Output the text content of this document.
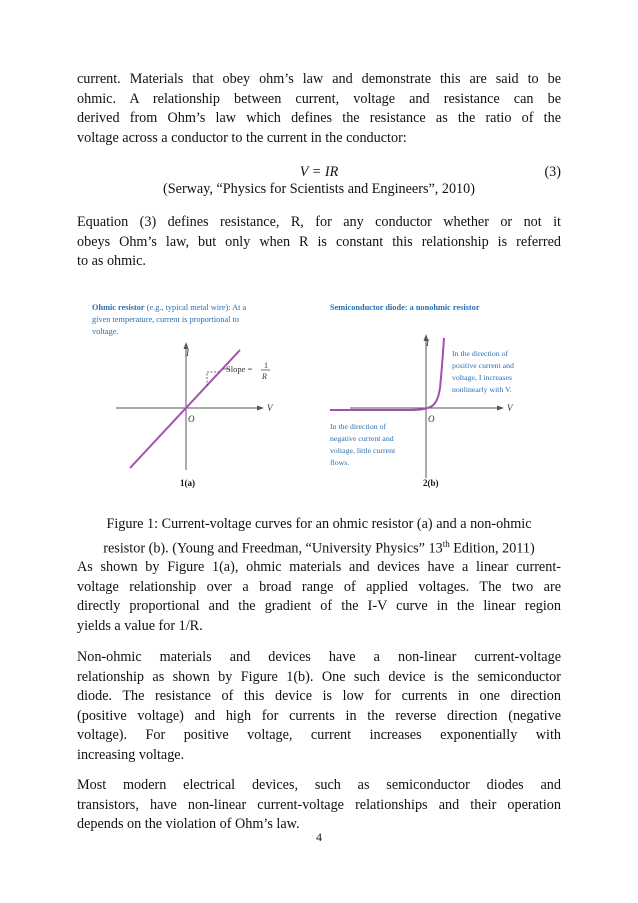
current. Materials that obey ohm’s law and demonstrate this are said to be
ohmic. A relationship between current, voltage and resistance can be
derived from Ohm’s law which defines the resistance as the ratio of the
voltage across a conductor to the current in the conductor:
V = IR	(3)
(Serway, “Physics for Scientists and Engineers”, 2010)
Equation (3) defines resistance, R, for any conductor whether or not it
obeys Ohm’s law, but only when R is constant this relationship is referred
to as ohmic.
Ohmic resistor (e.g., typical metal wire): At a
given temperature, current is proportional to
voltage.
I
V
O
Slope = 1
R
Semiconductor diode: a nonohmic resistor
I
V
O
In the direction of
positive current and
voltage, I increases
nonlinearly with V.
In the direction of
negative current and
voltage, little current
flows.
1(a)	2(b)
Figure 1: Current-voltage curves for an ohmic resistor (a) and a non-ohmic
resistor (b). (Young and Freedman, “University Physics” 13th Edition, 2011)
As shown by Figure 1(a), ohmic materials and devices have a linear current-
voltage relationship over a broad range of applied voltages. The two are
directly proportional and the gradient of the I-V curve in the linear region
yields a value for 1/R.
Non-ohmic materials and devices have a non-linear current-voltage
relationship as shown by Figure 1(b). One such device is the semiconductor
diode. The resistance of this device is low for currents in one direction
(positive voltage) and high for currents in the reverse direction (negative
voltage). For positive voltage, current increases exponentially with
increasing voltage.
Most modern electrical devices, such as semiconductor diodes and
transistors, have non-linear current-voltage relationships and their operation
depends on the violation of Ohm’s law.
4
